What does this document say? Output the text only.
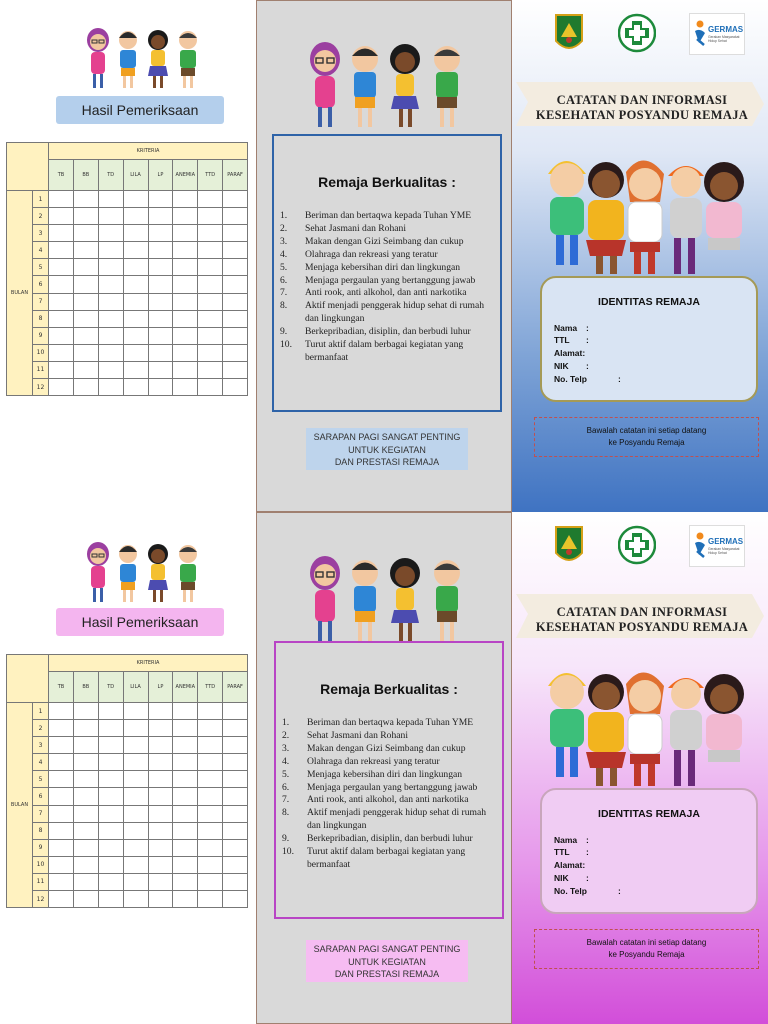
Hasil Pemeriksaan
		KRITERIA							
		TB	BB	TD	LILA	LP	ANEMIA	TTD	PARAF
BULAN	1								
	2								
	3								
	4								
	5								
	6								
	7								
	8								
	9								
	10								
	11								
	12								
Remaja Berkualitas :
1.	Beriman dan bertaqwa kepada Tuhan YME
2.	Sehat Jasmani dan Rohani
3.	Makan dengan Gizi Seimbang dan cukup
4.	Olahraga dan rekreasi yang teratur
5.	Menjaga kebersihan diri dan lingkungan
6.	Menjaga pergaulan yang bertanggung jawab
7.	Anti rook, anti alkohol, dan anti narkotika
8.	Aktif menjadi penggerak hidup sehat di rumah dan lingkungan
9.	Berkepribadian, disiplin, dan berbudi luhur
10.	Turut aktif dalam berbagai kegiatan yang bermanfaat
SARAPAN PAGI SANGAT PENTING
UNTUK KEGIATAN
DAN PRESTASI REMAJA
GERMAS
Gerakan Masyarakat Hidup Sehat
CATATAN DAN INFORMASI
KESEHATAN POSYANDU REMAJA
IDENTITAS REMAJA
Nama :
TTL :
Alamat:
NIK :
No. Telp	:
Bawalah catatan ini setiap datang
ke Posyandu Remaja
Hasil Pemeriksaan
		KRITERIA							
		TB	BB	TD	LILA	LP	ANEMIA	TTD	PARAF
BULAN	1								
	2								
	3								
	4								
	5								
	6								
	7								
	8								
	9								
	10								
	11								
	12								
Remaja Berkualitas :
1.	Beriman dan bertaqwa kepada Tuhan YME
2.	Sehat Jasmani dan Rohani
3.	Makan dengan Gizi Seimbang dan cukup
4.	Olahraga dan rekreasi yang teratur
5.	Menjaga kebersihan diri dan lingkungan
6.	Menjaga pergaulan yang bertanggung jawab
7.	Anti rook, anti alkohol, dan anti narkotika
8.	Aktif menjadi penggerak hidup sehat di rumah dan lingkungan
9.	Berkepribadian, disiplin, dan berbudi luhur
10.	Turut aktif dalam berbagai kegiatan yang bermanfaat
SARAPAN PAGI SANGAT PENTING
UNTUK KEGIATAN
DAN PRESTASI REMAJA
GERMAS
Gerakan Masyarakat Hidup Sehat
CATATAN DAN INFORMASI
KESEHATAN POSYANDU REMAJA
IDENTITAS REMAJA
Nama :
TTL :
Alamat:
NIK :
No. Telp	:
Bawalah catatan ini setiap datang
ke Posyandu Remaja
